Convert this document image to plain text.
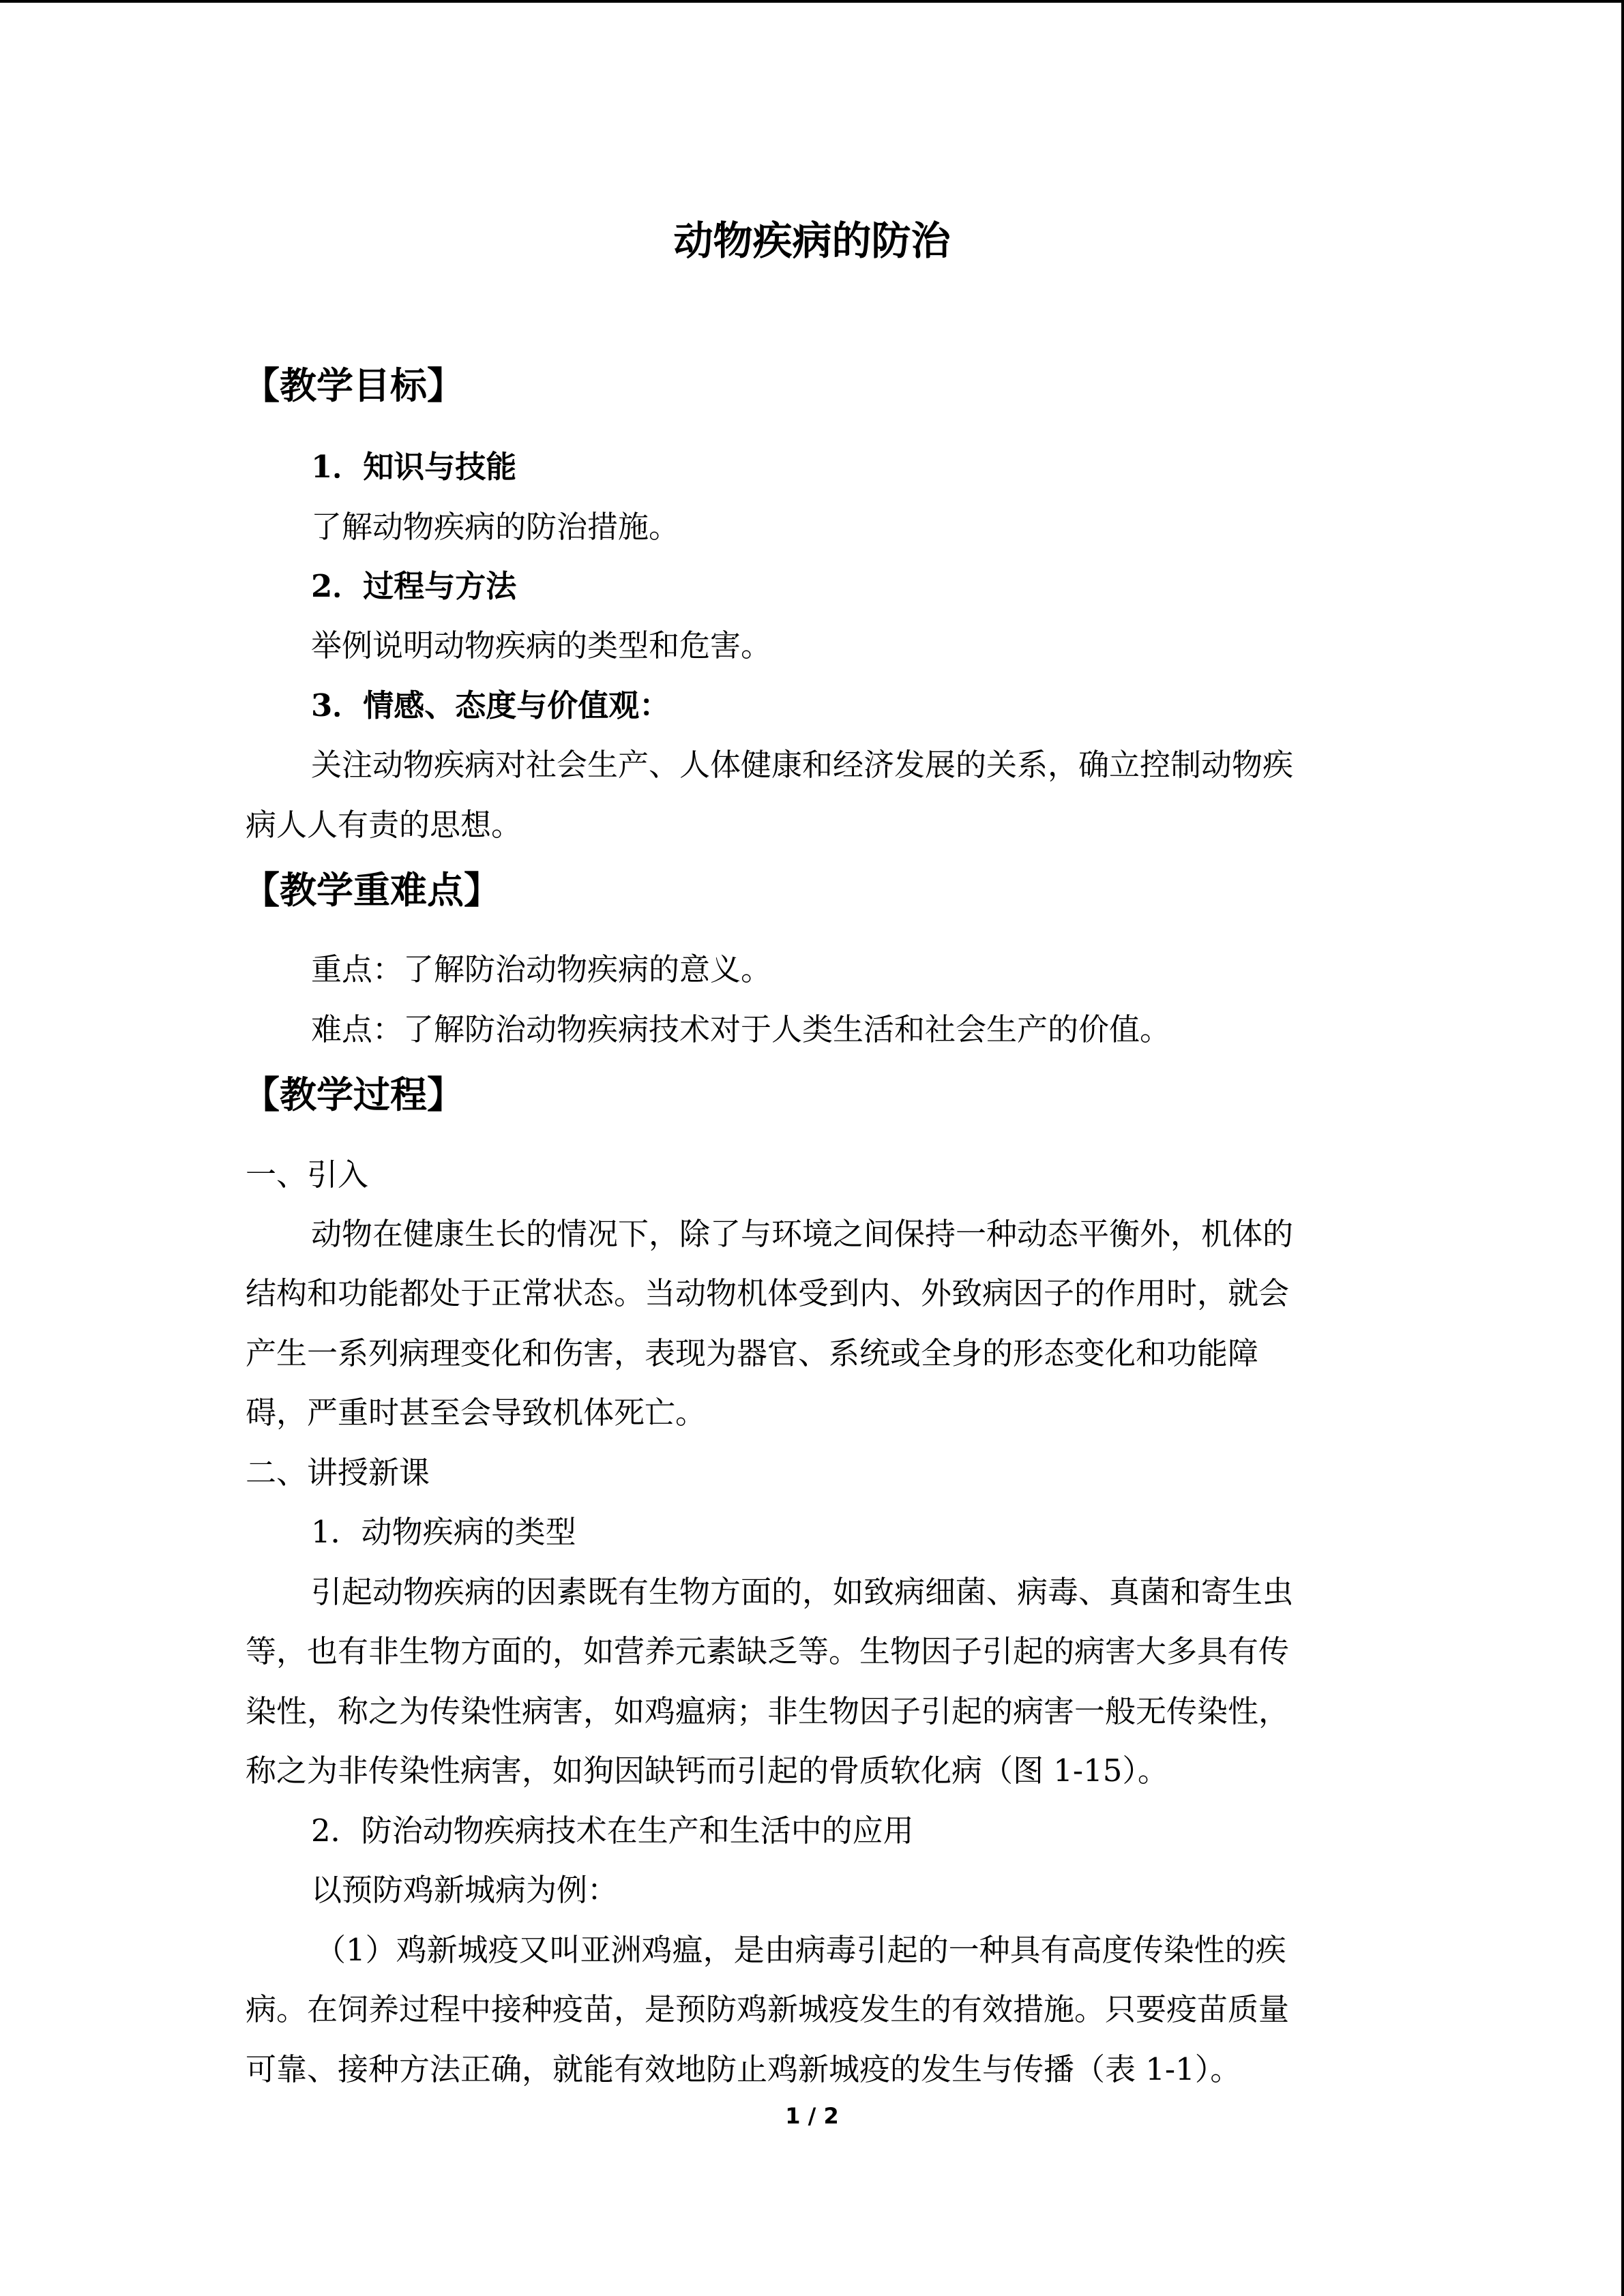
动物疾病的防治
【教学目标】
1．知识与技能
了解动物疾病的防治措施。
2．过程与方法
举例说明动物疾病的类型和危害。
3．情感、态度与价值观：
关注动物疾病对社会生产、人体健康和经济发展的关系，确立控制动物疾
病人人有责的思想。
【教学重难点】
重点：了解防治动物疾病的意义。
难点：了解防治动物疾病技术对于人类生活和社会生产的价值。
【教学过程】
一、引入
动物在健康生长的情况下，除了与环境之间保持一种动态平衡外，机体的
结构和功能都处于正常状态。当动物机体受到内、外致病因子的作用时，就会
产生一系列病理变化和伤害，表现为器官、系统或全身的形态变化和功能障
碍，严重时甚至会导致机体死亡。
二、讲授新课
1．动物疾病的类型
引起动物疾病的因素既有生物方面的，如致病细菌、病毒、真菌和寄生虫
等，也有非生物方面的，如营养元素缺乏等。生物因子引起的病害大多具有传
染性，称之为传染性病害，如鸡瘟病；非生物因子引起的病害一般无传染性，
称之为非传染性病害，如狗因缺钙而引起的骨质软化病（图 1-15）。
2．防治动物疾病技术在生产和生活中的应用
以预防鸡新城病为例：
（1）鸡新城疫又叫亚洲鸡瘟，是由病毒引起的一种具有高度传染性的疾
病。在饲养过程中接种疫苗，是预防鸡新城疫发生的有效措施。只要疫苗质量
可靠、接种方法正确，就能有效地防止鸡新城疫的发生与传播（表 1-1）。
1 / 2
